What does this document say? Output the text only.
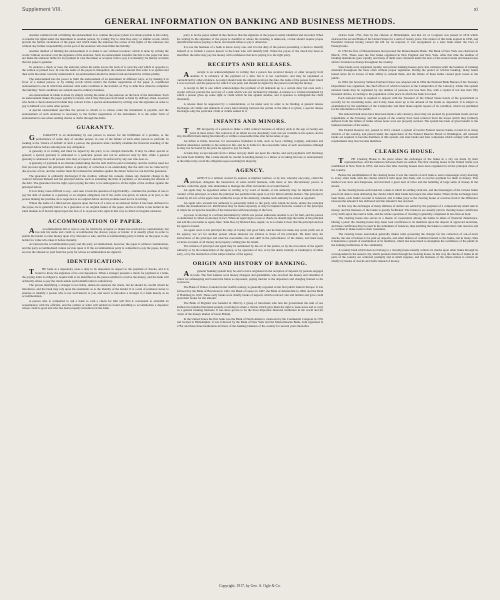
Supplement VIII.	xi
GENERAL INFORMATION ON BANKING AND BUSINESS METHODS.
Another common form of limiting the endorsement is to confine the payee (when it is made payable to his order), to transfer his rights under the instrument to another person, by writing 'Pay to John Doe only,' or similar words, which prevent the further circulation of the paper and which make the endorsee the owner of the rights of the endorser, but without any further responsibility on the part of the endorser who thus limits his liability.
Another method of limiting the endorsement is to make it one 'without recourse,' which is done by writing the words 'without recourse' over the signature of the endorser. Such an endorsement transfers the title to the paper but does not make the endorser liable for its payment in case the maker or acceptor fails to pay it at maturity; he merely warrants that the paper is genuine.
To endorse a check or note, the endorser writes his name across the back of it, near the end which is opposite to the written or printed face. In case the name of the payee is misspelled, the endorser should first write it as spelled and then write his name correctly underneath it. An endorsement should be made in ink and should be written plainly.
The endorsement has the power to limit the endorsement of an instrument in different ways, as by making it in favor of a named person, or by adding words which restrict the further negotiation of the paper. A conditional endorsement is one in which the endorser adds some condition to the transfer, as 'Pay to John Doe when he completes the building.' Such conditions are seldom used in ordinary business.
An endorsement in blank is made by simply writing the name of the endorser on the back of the instrument. Such an endorsement makes the paper payable to bearer, and it may then pass from hand to hand by delivery alone. A person who holds a check endorsed in blank may convert it into a special endorsement by writing over the signature an order to pay to himself or to some other person.
A special endorsement specifies the person to whom or to whose order the instrument is payable, and the endorsement of such endorsee is necessary to the further negotiation of the instrument. It is the safest form of endorsement to use when sending checks or drafts through the mails.
GUARANTY.
GUARANTY is an undertaking by one person to answer for the fulfillment of a promise, or the performance of some duty of another person, in case of the failure of such other person to perform. In looking at the 'chance of default' of such a person, the guarantor must carefully examine the financial standing of the principal debtor before entering into any obligation.
A guaranty is in writing and must be signed by the party to be charged therewith. It may be either special or general; a special guaranty is addressed to a particular person and can be enforced only by him, while a general guaranty is addressed to all persons who may act upon it, and may be enforced by any one who does so.
A guaranty of payment is an absolute undertaking that the debt shall be paid at maturity, and the creditor need not first proceed against the principal debtor. A guaranty of collection is an undertaking that the debt can be collected by due process of law, and the creditor must first exhaust his remedies against the debtor before he can hold the guarantor.
The guarantor is ordinarily discharged if the creditor, without his consent, makes any material change in the contract between himself and the principal debtor, such as extending the time of payment, or increasing the amount of the debt. The guarantor has the right, upon paying the debt, to be subrogated to all the rights of the creditor against the principal debtor.
It is in many cases difficult to say—and seen it tests the question of legal liability—whether the promise of one to pay the debt of another is a guaranty or an original obligation; but if the credit was given, in whole or in part, to the person making the promise, he is regarded as an original debtor and his promise need not be in writing.
Where the name of a third person appears upon the back of a note as an endorser before it has been delivered to the payee, he is generally held to be a guarantor or an original maker of the paper, and he is liable to the holder in the same manner as if he had signed upon the face of it. A person who signs in this way is called an irregular endorser.
ACCOMMODATION OF PAPER.
Aaccommodation bill or note is one for which the acceptor or maker has received no consideration, but has lent his name and credit to accommodate the drawer, payee or holder. It is usually given in order to enable the holder to raise money upon it by discount or sale, and the accommodating party is liable on the paper to any holder for value who takes it before maturity.
As between the accommodation party and the party accommodated, however, the paper is without consideration, and the party accommodated cannot recover upon it. If the accommodation party is compelled to pay the paper, he may recover the amount so paid from the party for whose accommodation he signed it.
IDENTIFICATION.
THE bank as a depositary owes a duty to its depositors in respect to the payment of checks, and it is bound to know the signature of its own depositors. When a stranger presents a check for payment at a bank, the paying teller is obliged to require him to be identified as the person entitled to receive the money, and the bank will ordinarily refuse to pay the check unless such identification is satisfactory.
The person identifying a stranger is not liable, unless he endorses the check, but he should be careful whom he introduces, and the bank may rely upon his statements as to the identity of the holder. It is a rule of prudence never to endorse or identify a person who is not well known to you, and never to introduce a stranger to a bank merely as an accommodation.
A person who is compelled to ask a bank to cash a check for him will find it convenient to establish an acquaintance with the officials, and the cashier or teller will seldom be found unwilling to accommodate a depositor whose credit is good and who has been properly introduced at the bank.
party to be the payee named in the check so that the signature of the payee is easily identified and recorded. When the writing in the signature of the payee is doubtful or where his standing is unknown, a bank should require proper identification before paying a check, and should refuse to pay it otherwise.
It is not the business of a bank to know every one, and it is the duty of the person presenting a check to identify himself or to furnish a person known to the bank who will identify him. When the payee of the check has been so identified, the teller may pay the money with confidence that he is paying it to the right party.
RECEIPTS AND RELEASES.
Areceipt is an acknowledgment in writing that a person has received money or other property from another. It is evidence of the payment of a debt, but it is not conclusive, and may be explained or contradicted by other evidence. A receipt should state the amount received, the date, the name of the person from whom it was received, and the purpose for which it was paid, and should be signed by the person receiving the money.
A receipt in full is one which acknowledges the payment of all demands up to a certain date; but even such a receipt will not prevent the recovery of a sum which was not included by mistake. A release is a written instrument by which a person gives up some right or claim which he has against another, and it operates to extinguish the claim absolutely.
A release must be supported by a consideration, or be under seal, in order to be binding. A general release discharges all claims and demands of every kind existing between the parties at the time it is given; a special release discharges only the particular claim or claims named in it.
INFANTS AND MINORS.
THE incapacity of a person to make a valid contract because of infancy ends at the age of twenty-one years in most states. The contracts of an infant are not absolutely void, but are voidable at his option, and he may disaffirm them during his minority or within a reasonable time after he becomes of age.
An infant is liable, however, for necessaries furnished to him, such as food, clothing, lodging, education and medical attendance suitable to his station in life, and he is liable for the reasonable value of such necessaries although he may not be bound by the price he agreed to pay for them.
A bank may accept deposits from a minor and pay them out upon his checks, and such payments will discharge the bank from liability. But a bank should be careful in lending money to a minor or in taking his note or endorsement, as the minor may avoid his obligation upon reaching his majority.
AGENCY.
AGENCY is a relation created by express or implied contract, or by law, whereby one party, called the principal, delegates the transaction of some lawful business, with more or less discretionary power, to another, called the agent, who undertakes to manage the affair and render an account thereof.
An agent may be appointed either in writing or by word of mouth, or his authority may be implied from the conduct of the principal, as where the principal has permitted the agent to act for him in similar matters. The principal is bound by all acts of the agent done within the scope of his authority, whether such authority be actual or apparent.
An agent who exceeds his authority is personally liable to the party with whom he deals, unless the principal ratifies the unauthorized act. Ratification may be made expressly or may be implied from the conduct of the principal, as where he accepts the benefits of the transaction with knowledge of the facts.
A power of attorney is a written instrument by which one person authorizes another to act for him, and the person so authorized is called an attorney in fact. When an agent signs a note or check, he should sign the name of his principal and add his own name as agent, thus: 'John Doe, by Richard Roe, Agent,' so as to make it clear that the principal and not the agent is bound.
An agent owes to his principal the duty of loyalty and good faith, and he must not make any secret profit out of the agency, nor act for another person whose interests are adverse to those of his principal. He must obey the instructions of his principal and exercise reasonable care and skill in the performance of his duties, and must keep accurate accounts of all money and property coming into his hands.
The relation of principal and agent may be terminated by the act of the parties, as by the revocation of the agent's authority or by his renunciation of the agency, or by operation of law, as by the death, insanity or bankruptcy of either party, or by the destruction of the subject-matter of the agency.
ORIGIN AND HISTORY OF BANKING.
Ageneral banking system may be said to have originated in the reception of deposits by persons engaged in trade. The first bankers were money changers and goldsmiths, who received the money and valuables of others for safekeeping and loaned the funds so deposited, paying interest to the depositors and charging interest to the borrowers.
The Bank of Venice, founded in the twelfth century, is generally regarded as the first public bank in Europe. It was followed by the Bank of Barcelona in 1401, the Bank of Genoa in 1407, the Bank of Amsterdam in 1609, and the Bank of Hamburg in 1619. These early banks were chiefly banks of deposit, which received coin and bullion and gave credit upon their books for the amount.
The Bank of England was founded in 1694 by a group of merchants who lent the government the sum of one million two hundred thousand pounds, receiving in return a charter which gave them the right to issue notes and to carry on a general banking business. It has since grown to be the most important financial institution in the world and the center of the money market of Great Britain.
In the United States the first bank was the Bank of North America, chartered by the Continental Congress in 1781 and located at Philadelphia. It was followed by the Bank of New York and the Massachusetts Bank, both organized in 1784, and these three institutions did most of the banking business of the country for several years thereafter.
charter from 1791, then by the citizens of Philadelphia, and that act of Congress was passed in 1816 which chartered the second Bank of the United States for a term of twenty years. The charter of this bank expired in 1836, and President Jackson having vetoed the bill for its renewal, it was reorganized as a state bank under the laws of Pennsylvania.
In 1792 the first of Massachusetts incorporated the Massachusetts Bank. The Bank of New York was chartered in March, 1791. These were the first banks organized in New England and New York. After that time the number of banking institutions grew rapidly, and many of them were chartered under the laws of the several states and issued notes which circulated as money throughout the country.
State banks were organized rapidly, and private banking houses grew into existence until the business of banking extended throughout the land, often without proper regulation. During the period of 'wildcat banking,' many banks issued notes far in excess of their ability to redeem them, and the failure of these banks caused great losses to the public.
In 1863, the Secretary Salmon Portland Chase was adopted and in 1864 the National Bank Bureau of the Treasury Department was organized, the chief officer of which is known as the Comptroller of the Currency. Under this system national banks may be organized by any number of persons, not less than five, with a capital of not less than fifty thousand dollars, according to the population of the place in which the bank is located.
Each national bank is required to deposit with the Treasurer of the United States bonds of the government as security for its circulating notes, and it may issue notes up to the amount of the bonds so deposited. It is subject to examination by the examiners of the Comptroller and must make regular reports of its condition, which are published for the information of the public.
The national bank notes have thus been made a safe currency, since they are secured by government bonds and are redeemable at the Treasury, and the people of the country have been relieved from the losses which they formerly suffered from the failure of banks whose notes were not properly secured. The system has been of great benefit to the business interests of the nation.
The Federal Reserve Act, passed in 1913, created a system of twelve Federal reserve banks, located in as many districts of the country, and placed under the supervision of the Federal Reserve Board at Washington. All national banks are required to become members of this system, and state banks and trust companies which comply with certain requirements may also become members.
CLEARING HOUSE.
THE Clearing House is the place where the exchanges of the banks in a city are made by their representatives, and the balances between them are settled. The first clearing house in the United States was established in New York in 1853, and since that time clearing houses have been organized in all the principal cities of the country.
Before the establishment of the clearing house it was the custom of each bank to send a messenger every morning to every other bank with the checks which it held upon that bank, and to receive payment for them in money. This method was slow and dangerous, and involved a great deal of labor and the handling of large sums of money in the streets.
At the clearing house each bank has a desk at which its settling clerk sits, and the messengers of the various banks pass from desk to desk delivering the checks which their banks hold upon the other banks. When all the exchanges have been made, each bank's account is balanced, and it either pays to the clearing house or receives from it the difference between the amount it has delivered and the amount it has received.
In this way the exchanges of many millions of dollars are settled by the payment of a comparatively small sum in money, and the business of the banks is greatly facilitated. The balances are usually paid in clearing house certificates or by drafts upon the reserve bank, and the whole operation of clearing is generally completed in less than an hour.
The clearing house also serves as a means of cooperation among the banks in times of financial disturbance. During a panic the clearing house may issue loan certificates to its members upon the deposit of approved securities, and these certificates may be used in the settlement of balances, thus enabling the banks to retain their cash reserves and to continue to make loans to their customers.
The clearing house association generally makes rules governing the charges for the collection of out-of-town checks, the rate of interest to be paid on deposits, and other matters of common interest to the banks, and in many cities it maintains a system of examination of its members, which has done much to strengthen the confidence of the public in the banking institutions of the community.
A country bank which does not belong to a clearing house usually collects its checks upon other banks through its correspondent in the nearest city, which presents them through the clearing house. In this way the checks of banks in all parts of the country are collected promptly and at small expense, and the business of the whole nation is carried on chiefly by means of checks and drafts instead of money.
Copyright, 1917, by Geo. A. Ogle & Co.
